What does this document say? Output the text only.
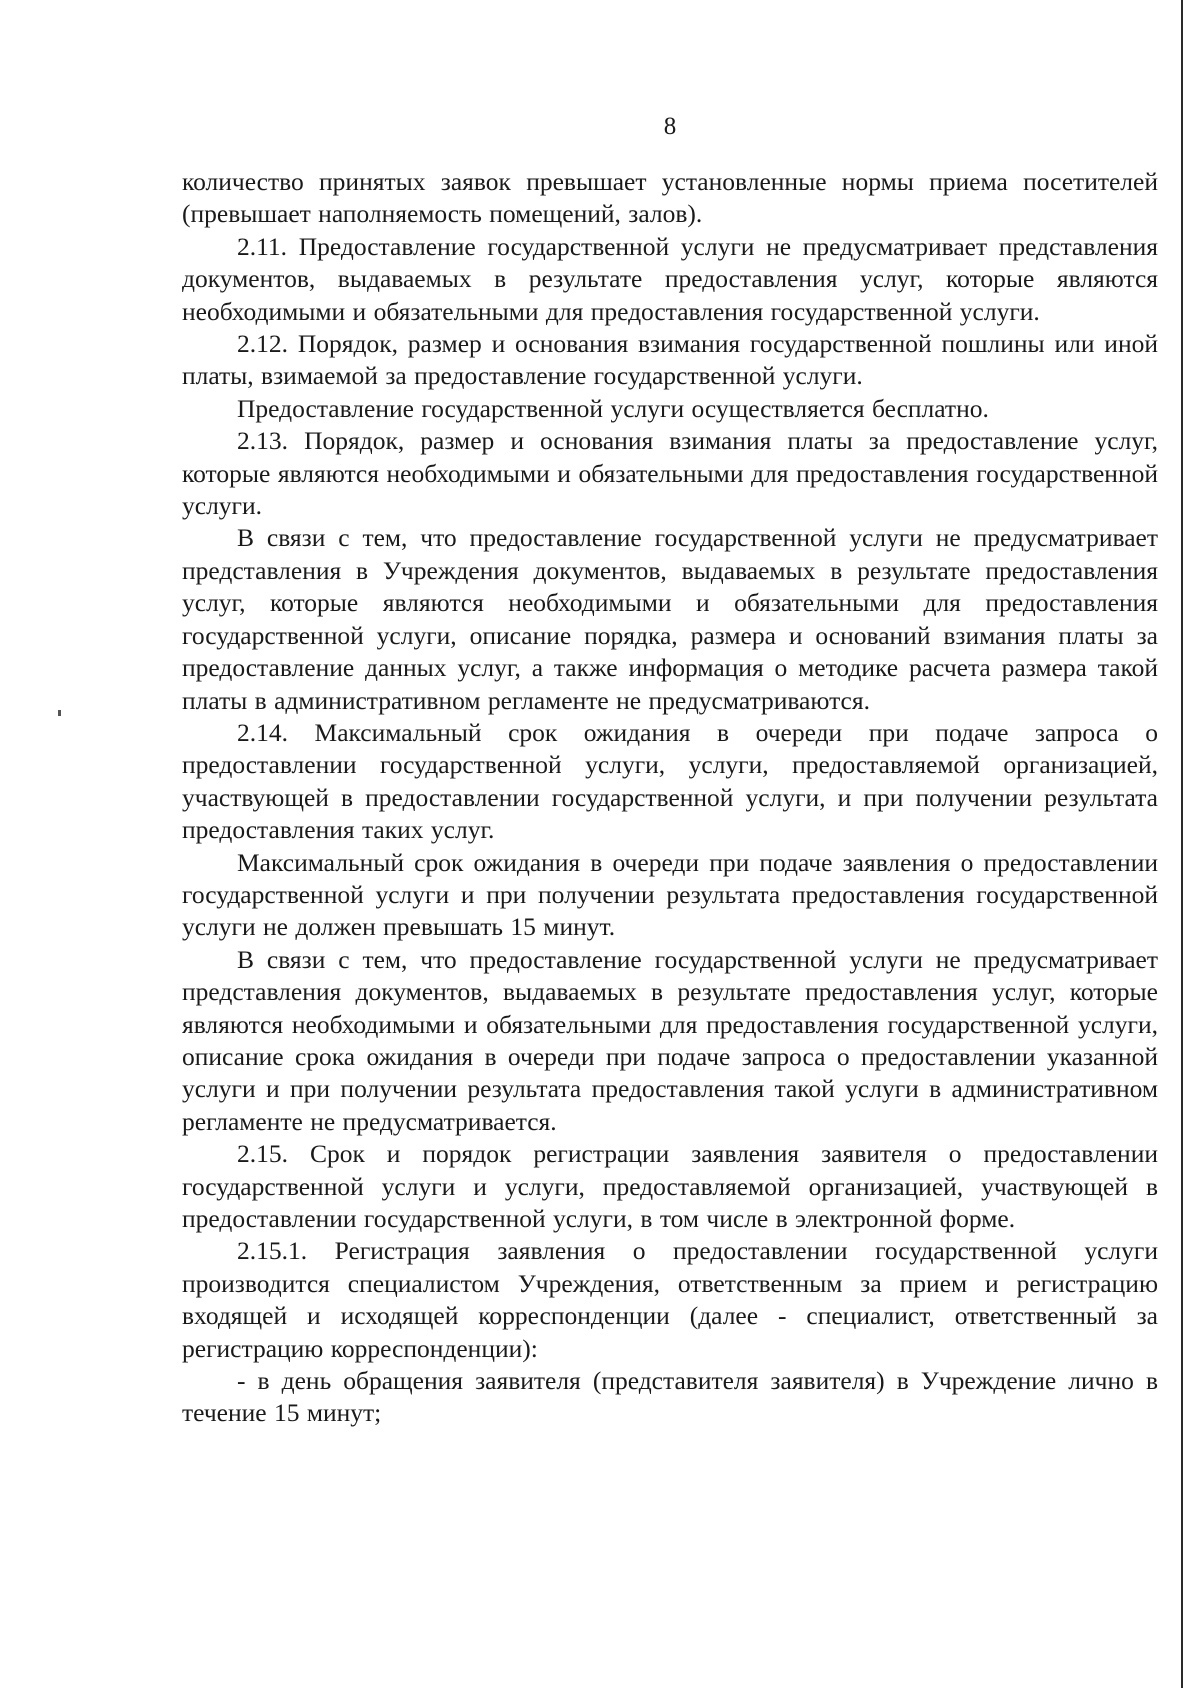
8

количество принятых заявок превышает установленные нормы приема посетителей (превышает наполняемость помещений, залов).

2.11. Предоставление государственной услуги не предусматривает представления документов, выдаваемых в результате предоставления услуг, которые являются необходимыми и обязательными для предоставления государственной услуги.

2.12. Порядок, размер и основания взимания государственной пошлины или иной платы, взимаемой за предоставление государственной услуги.

Предоставление государственной услуги осуществляется бесплатно.

2.13. Порядок, размер и основания взимания платы за предоставление услуг, которые являются необходимыми и обязательными для предоставления государственной услуги.

В связи с тем, что предоставление государственной услуги не предусматривает представления в Учреждения документов, выдаваемых в результате предоставления услуг, которые являются необходимыми и обязательными для предоставления государственной услуги, описание порядка, размера и оснований взимания платы за предоставление данных услуг, а также информация о методике расчета размера такой платы в административном регламенте не предусматриваются.

2.14. Максимальный срок ожидания в очереди при подаче запроса о предоставлении государственной услуги, услуги, предоставляемой организацией, участвующей в предоставлении государственной услуги, и при получении результата предоставления таких услуг.

Максимальный срок ожидания в очереди при подаче заявления о предоставлении государственной услуги и при получении результата предоставления государственной услуги не должен превышать 15 минут.

В связи с тем, что предоставление государственной услуги не предусматривает представления документов, выдаваемых в результате предоставления услуг, которые являются необходимыми и обязательными для предоставления государственной услуги, описание срока ожидания в очереди при подаче запроса о предоставлении указанной услуги и при получении результата предоставления такой услуги в административном регламенте не предусматривается.

2.15. Срок и порядок регистрации заявления заявителя о предоставлении государственной услуги и услуги, предоставляемой организацией, участвующей в предоставлении государственной услуги, в том числе в электронной форме.

2.15.1. Регистрация заявления о предоставлении государственной услуги производится специалистом Учреждения, ответственным за прием и регистрацию входящей и исходящей корреспонденции (далее - специалист, ответственный за регистрацию корреспонденции):

- в день обращения заявителя (представителя заявителя) в Учреждение лично в течение 15 минут;
